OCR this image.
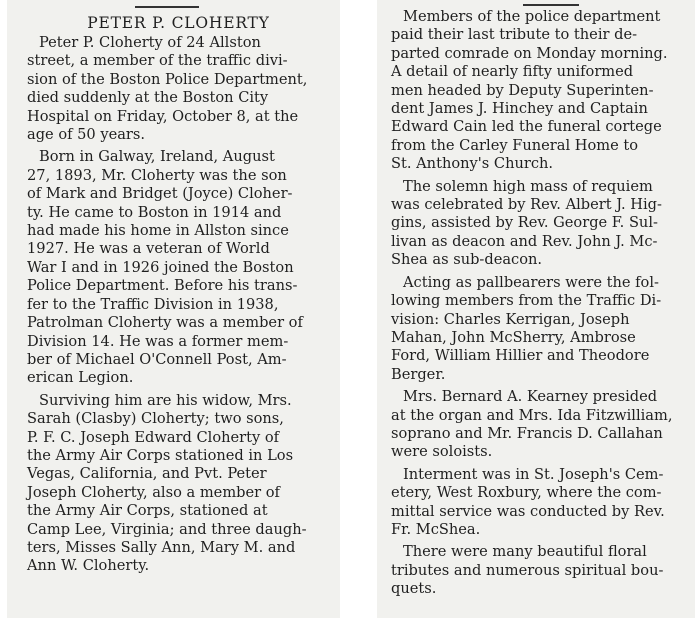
PETER P. CLOHERTY
Peter P. Cloherty of 24 Allston
street, a member of the traffic divi-
sion of the Boston Police Department,
died suddenly at the Boston City
Hospital on Friday, October 8, at the
age of 50 years.
Born in Galway, Ireland, August
27, 1893, Mr. Cloherty was the son
of Mark and Bridget (Joyce) Cloher-
ty. He came to Boston in 1914 and
had made his home in Allston since
1927. He was a veteran of World
War I and in 1926 joined the Boston
Police Department. Before his trans-
fer to the Traffic Division in 1938,
Patrolman Cloherty was a member of
Division 14. He was a former mem-
ber of Michael O'Connell Post, Am-
erican Legion.
Surviving him are his widow, Mrs.
Sarah (Clasby) Cloherty; two sons,
P. F. C. Joseph Edward Cloherty of
the Army Air Corps stationed in Los
Vegas, California, and Pvt. Peter
Joseph Cloherty, also a member of
the Army Air Corps, stationed at
Camp Lee, Virginia; and three daugh-
ters, Misses Sally Ann, Mary M. and
Ann W. Cloherty.
Members of the police department
paid their last tribute to their de-
parted comrade on Monday morning.
A detail of nearly fifty uniformed
men headed by Deputy Superinten-
dent James J. Hinchey and Captain
Edward Cain led the funeral cortege
from the Carley Funeral Home to
St. Anthony's Church.
The solemn high mass of requiem
was celebrated by Rev. Albert J. Hig-
gins, assisted by Rev. George F. Sul-
livan as deacon and Rev. John J. Mc-
Shea as sub-deacon.
Acting as pallbearers were the fol-
lowing members from the Traffic Di-
vision: Charles Kerrigan, Joseph
Mahan, John McSherry, Ambrose
Ford, William Hillier and Theodore
Berger.
Mrs. Bernard A. Kearney presided
at the organ and Mrs. Ida Fitzwilliam,
soprano and Mr. Francis D. Callahan
were soloists.
Interment was in St. Joseph's Cem-
etery, West Roxbury, where the com-
mittal service was conducted by Rev.
Fr. McShea.
There were many beautiful floral
tributes and numerous spiritual bou-
quets.
